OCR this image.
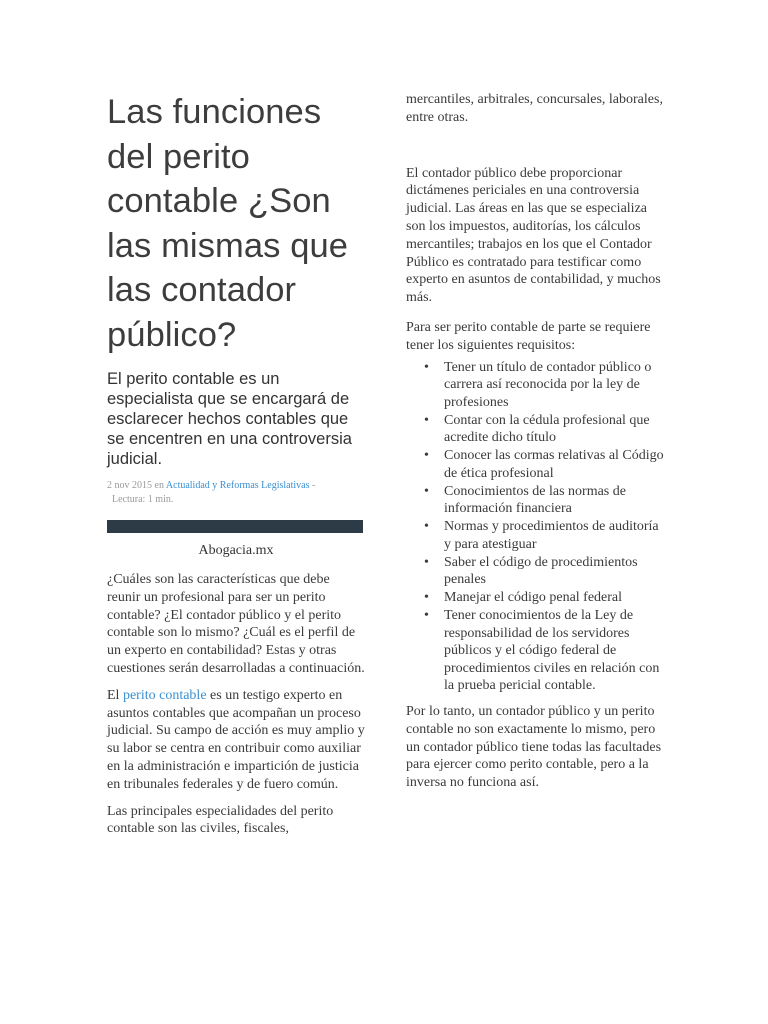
Las funciones del perito contable ¿Son las mismas que las contador público?
El perito contable es un especialista que se encargará de esclarecer hechos contables que se encentren en una controversia judicial.
2 nov 2015 en Actualidad y Reformas Legislativas -
Lectura: 1 min.
Abogacia.mx

¿Cuáles son las características que debe reunir un profesional para ser un perito contable? ¿El contador público y el perito contable son lo mismo? ¿Cuál es el perfil de un experto en contabilidad? Estas y otras cuestiones serán desarrolladas a continuación.

El perito contable es un testigo experto en asuntos contables que acompañan un proceso judicial. Su campo de acción es muy amplio y su labor se centra en contribuir como auxiliar en la administración e impartición de justicia en tribunales federales y de fuero común.

Las principales especialidades del perito contable son las civiles, fiscales,

mercantiles, arbitrales, concursales, laborales, entre otras.

El contador público debe proporcionar dictámenes periciales en una controversia judicial. Las áreas en las que se especializa son los impuestos, auditorías, los cálculos mercantiles; trabajos en los que el Contador Público es contratado para testificar como experto en asuntos de contabilidad, y muchos más.

Para ser perito contable de parte se requiere tener los siguientes requisitos:

• Tener un título de contador público o carrera así reconocida por la ley de profesiones
• Contar con la cédula profesional que acredite dicho título
• Conocer las cormas relativas al Código de ética profesional
• Conocimientos de las normas de información financiera
• Normas y procedimientos de auditoría y para atestiguar
• Saber el código de procedimientos penales
• Manejar el código penal federal
• Tener conocimientos de la Ley de responsabilidad de los servidores públicos y el código federal de procedimientos civiles en relación con la prueba pericial contable.

Por lo tanto, un contador público y un perito contable no son exactamente lo mismo, pero un contador público tiene todas las facultades para ejercer como perito contable, pero a la inversa no funciona así.
